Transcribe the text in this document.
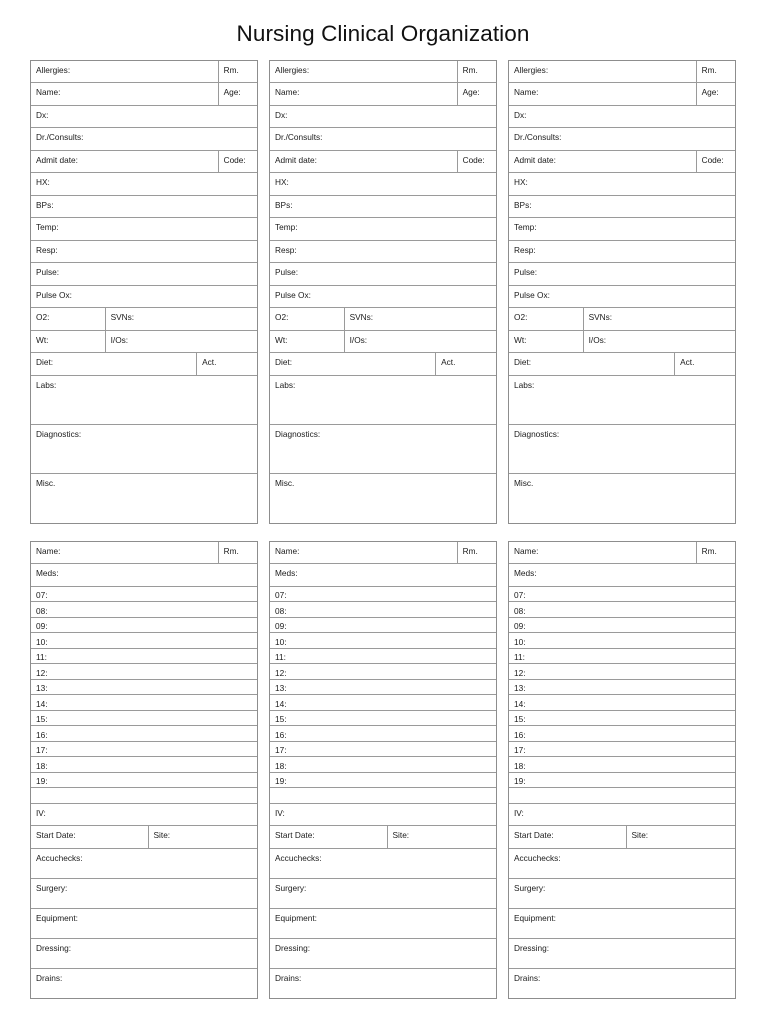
Nursing Clinical Organization
Allergies:	Rm.
Name:	Age:
Dx:
Dr./Consults:
Admit date:	Code:
HX:
BPs:
Temp:
Resp:
Pulse:
Pulse Ox:
O2:	SVNs:
Wt:	I/Os:
Diet:	Act.
Labs:
Diagnostics:
Misc.
Allergies:	Rm.
Name:	Age:
Dx:
Dr./Consults:
Admit date:	Code:
HX:
BPs:
Temp:
Resp:
Pulse:
Pulse Ox:
O2:	SVNs:
Wt:	I/Os:
Diet:	Act.
Labs:
Diagnostics:
Misc.
Allergies:	Rm.
Name:	Age:
Dx:
Dr./Consults:
Admit date:	Code:
HX:
BPs:
Temp:
Resp:
Pulse:
Pulse Ox:
O2:	SVNs:
Wt:	I/Os:
Diet:	Act.
Labs:
Diagnostics:
Misc.
Name:	Rm.
Meds:
07:
08:
09:
10:
11:
12:
13:
14:
15:
16:
17:
18:
19:
IV:
Start Date:	Site:
Accuchecks:
Surgery:
Equipment:
Dressing:
Drains:
Name:	Rm.
Meds:
07:
08:
09:
10:
11:
12:
13:
14:
15:
16:
17:
18:
19:
IV:
Start Date:	Site:
Accuchecks:
Surgery:
Equipment:
Dressing:
Drains:
Name:	Rm.
Meds:
07:
08:
09:
10:
11:
12:
13:
14:
15:
16:
17:
18:
19:
IV:
Start Date:	Site:
Accuchecks:
Surgery:
Equipment:
Dressing:
Drains:
